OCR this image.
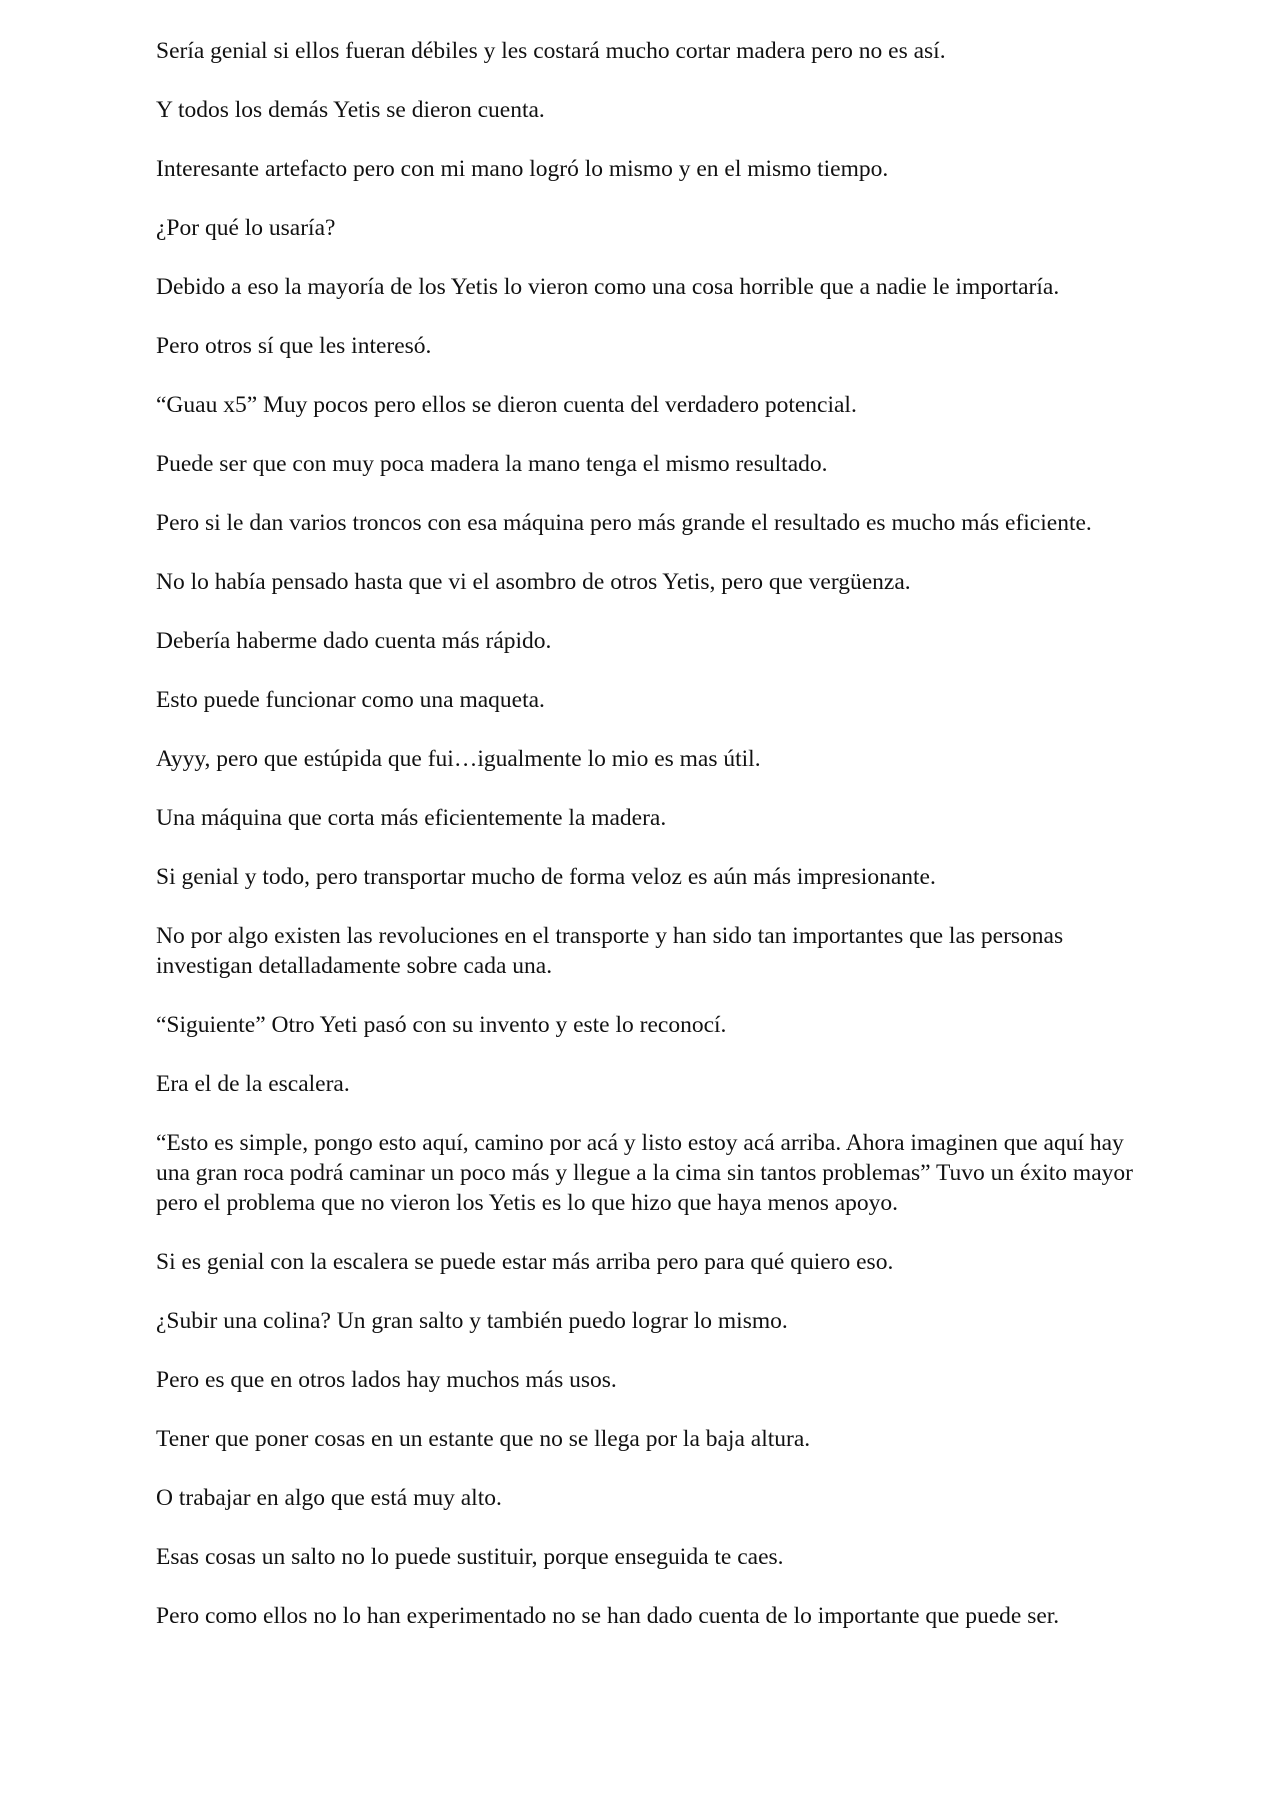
Sería genial si ellos fueran débiles y les costará mucho cortar madera pero no es así.

Y todos los demás Yetis se dieron cuenta.

Interesante artefacto pero con mi mano logró lo mismo y en el mismo tiempo.

¿Por qué lo usaría?

Debido a eso la mayoría de los Yetis lo vieron como una cosa horrible que a nadie le importaría.

Pero otros sí que les interesó.

“Guau x5” Muy pocos pero ellos se dieron cuenta del verdadero potencial.

Puede ser que con muy poca madera la mano tenga el mismo resultado.

Pero si le dan varios troncos con esa máquina pero más grande el resultado es mucho más eficiente.

No lo había pensado hasta que vi el asombro de otros Yetis, pero que vergüenza.

Debería haberme dado cuenta más rápido.

Esto puede funcionar como una maqueta.

Ayyy, pero que estúpida que fui…igualmente lo mio es mas útil.

Una máquina que corta más eficientemente la madera.

Si genial y todo, pero transportar mucho de forma veloz es aún más impresionante.

No por algo existen las revoluciones en el transporte y han sido tan importantes que las personas investigan detalladamente sobre cada una.

“Siguiente” Otro Yeti pasó con su invento y este lo reconocí.

Era el de la escalera.

“Esto es simple, pongo esto aquí, camino por acá y listo estoy acá arriba. Ahora imaginen que aquí hay una gran roca podrá caminar un poco más y llegue a la cima sin tantos problemas” Tuvo un éxito mayor pero el problema que no vieron los Yetis es lo que hizo que haya menos apoyo.

Si es genial con la escalera se puede estar más arriba pero para qué quiero eso.

¿Subir una colina? Un gran salto y también puedo lograr lo mismo.

Pero es que en otros lados hay muchos más usos.

Tener que poner cosas en un estante que no se llega por la baja altura.

O trabajar en algo que está muy alto.

Esas cosas un salto no lo puede sustituir, porque enseguida te caes.

Pero como ellos no lo han experimentado no se han dado cuenta de lo importante que puede ser.
